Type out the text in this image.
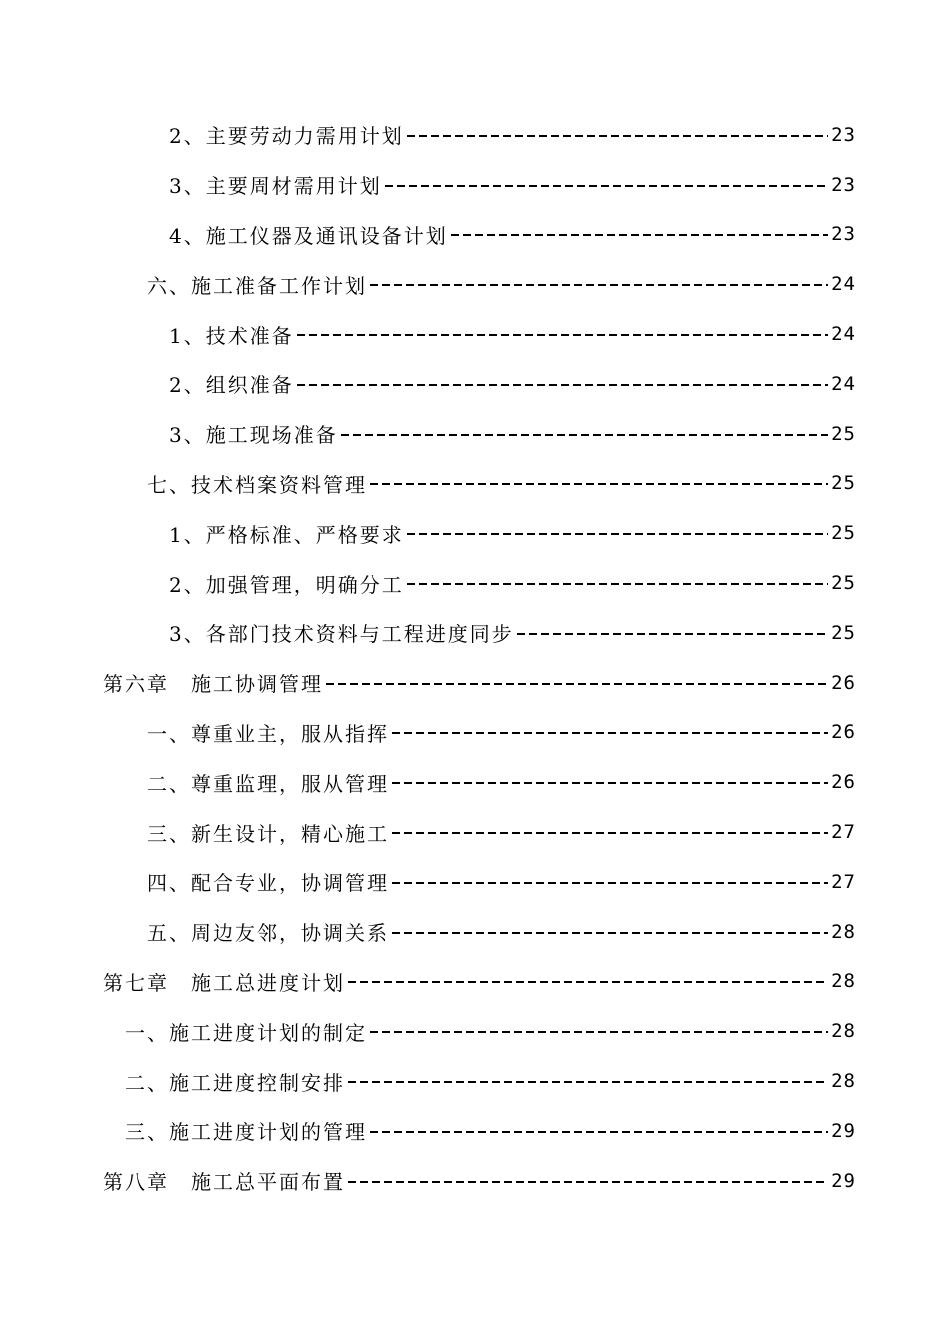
2、主要劳动力需用计划	23
3、主要周材需用计划	23
4、施工仪器及通讯设备计划	23
六、施工准备工作计划	24
1、技术准备	24
2、组织准备	24
3、施工现场准备	25
七、技术档案资料管理	25
1、严格标准、严格要求	25
2、加强管理，明确分工	25
3、各部门技术资料与工程进度同步	25
第六章　施工协调管理	26
一、尊重业主，服从指挥	26
二、尊重监理，服从管理	26
三、新生设计，精心施工	27
四、配合专业，协调管理	27
五、周边友邻，协调关系	28
第七章　施工总进度计划	28
一、施工进度计划的制定	28
二、施工进度控制安排	28
三、施工进度计划的管理	29
第八章　施工总平面布置	29
